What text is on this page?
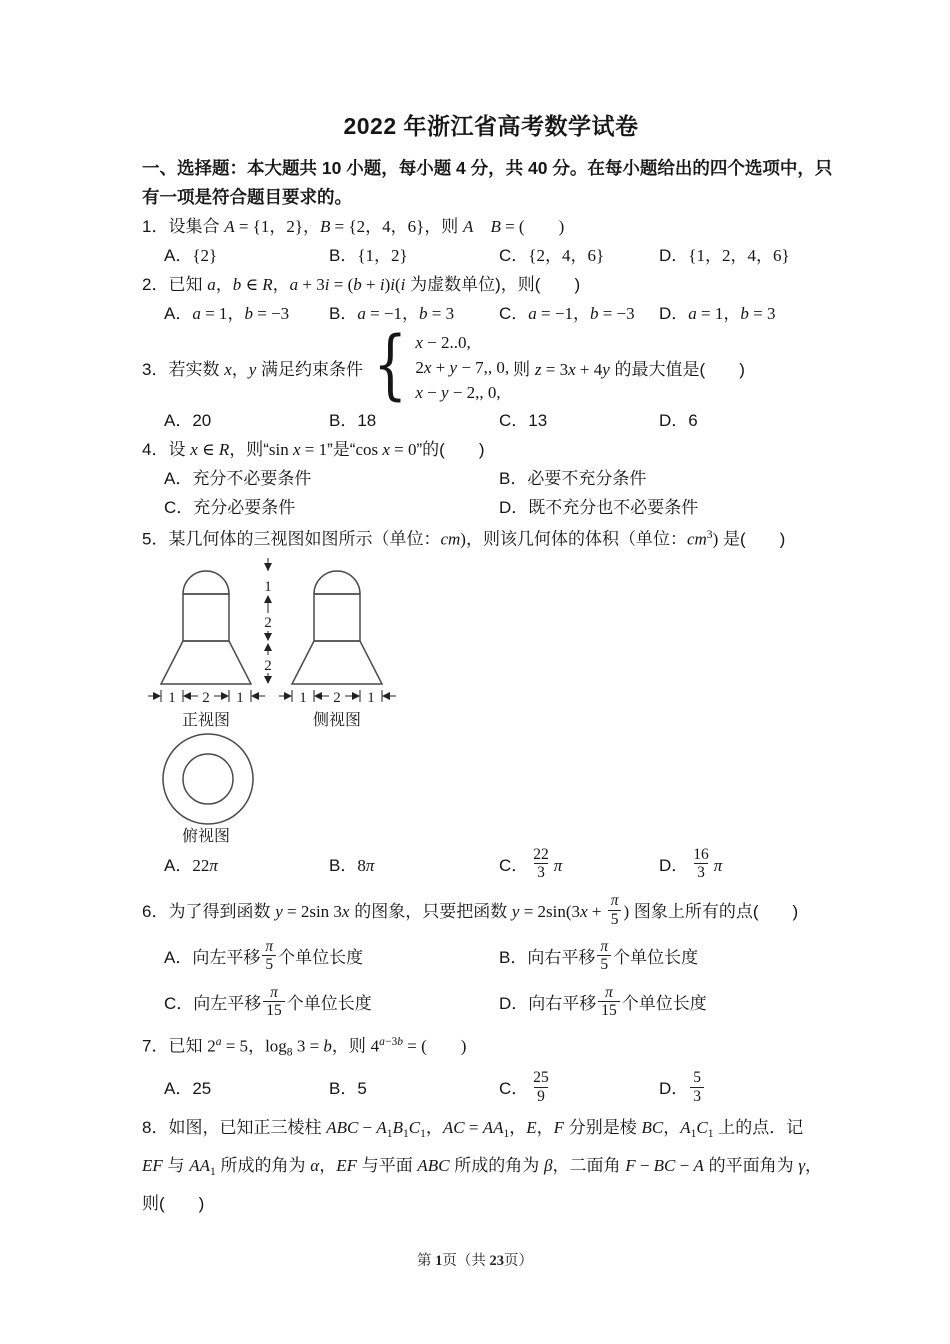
2022 年浙江省高考数学试卷
一、选择题：本大题共 10 小题，每小题 4 分，共 40 分。在每小题给出的四个选项中，只
有一项是符合题目要求的。
1．设集合 A = {1，2}，B = {2，4，6}，则 A　 B = (　　 )
A．{2}	B．{1，2}	C．{2，4，6}	D．{1，2，4，6}
2．已知 a，b ∈ R，a + 3i = (b + i)i(i 为虚数单位)，则(　　 )
A．a = 1，b = −3	B．a = −1，b = 3	C．a = −1，b = −3	D．a = 1，b = 3
3．若实数 x，y 满足约束条件 { x − 2..0,
2x + y − 7,, 0,
x − y − 2,, 0,
则 z = 3x + 4y 的最大值是(　　 )
A．20	B．18	C．13	D．6
4．设 x ∈ R，则“sin x = 1”是“cos x = 0”的(　　 )
A．充分不必要条件	B．必要不充分条件
C．充分必要条件	D．既不充分也不必要条件
5．某几何体的三视图如图所示（单位：cm)，则该几何体的体积（单位：$cm^3$) 是(　　 )
1
2
2
1 2 1	1 2 1
正视图	侧视图
俯视图
A． 22 π	B． 8 π	C． $\frac{22}{3}$ π	D． $\frac{16}{3}$ π
6．为了得到函数 y = 2sin 3x 的图象，只要把函数 $y = 2\sin(3x + \frac{\pi}{5}$ ) 图象上所有的点(　　 )
A．向左平移 $\frac{\pi}{5}$ 个单位长度	B．向右平移 $\frac{\pi}{5}$ 个单位长度
C．向左平移 $\frac{\pi}{15}$ 个单位长度	D．向右平移 $\frac{\pi}{15}$ 个单位长度
7．已知 $2^a = 5$，$\log_8 3 = b$，则 $4^{a-3b}$ = (　　 )
A．25	B．5	C． $\frac{25}{9}$	D． $\frac{5}{3}$
8．如图，已知正三棱柱 ABC − $A_1B_1C_1$，AC = $AA_1$，E，F 分别是棱 BC，$A_1C_1$ 上的点．记
EF 与 $AA_1$ 所成的角为 α，EF 与平面 ABC 所成的角为 β，二面角 F − BC − A 的平面角为 γ，
则(　　 )
第 1页（共 23页）
